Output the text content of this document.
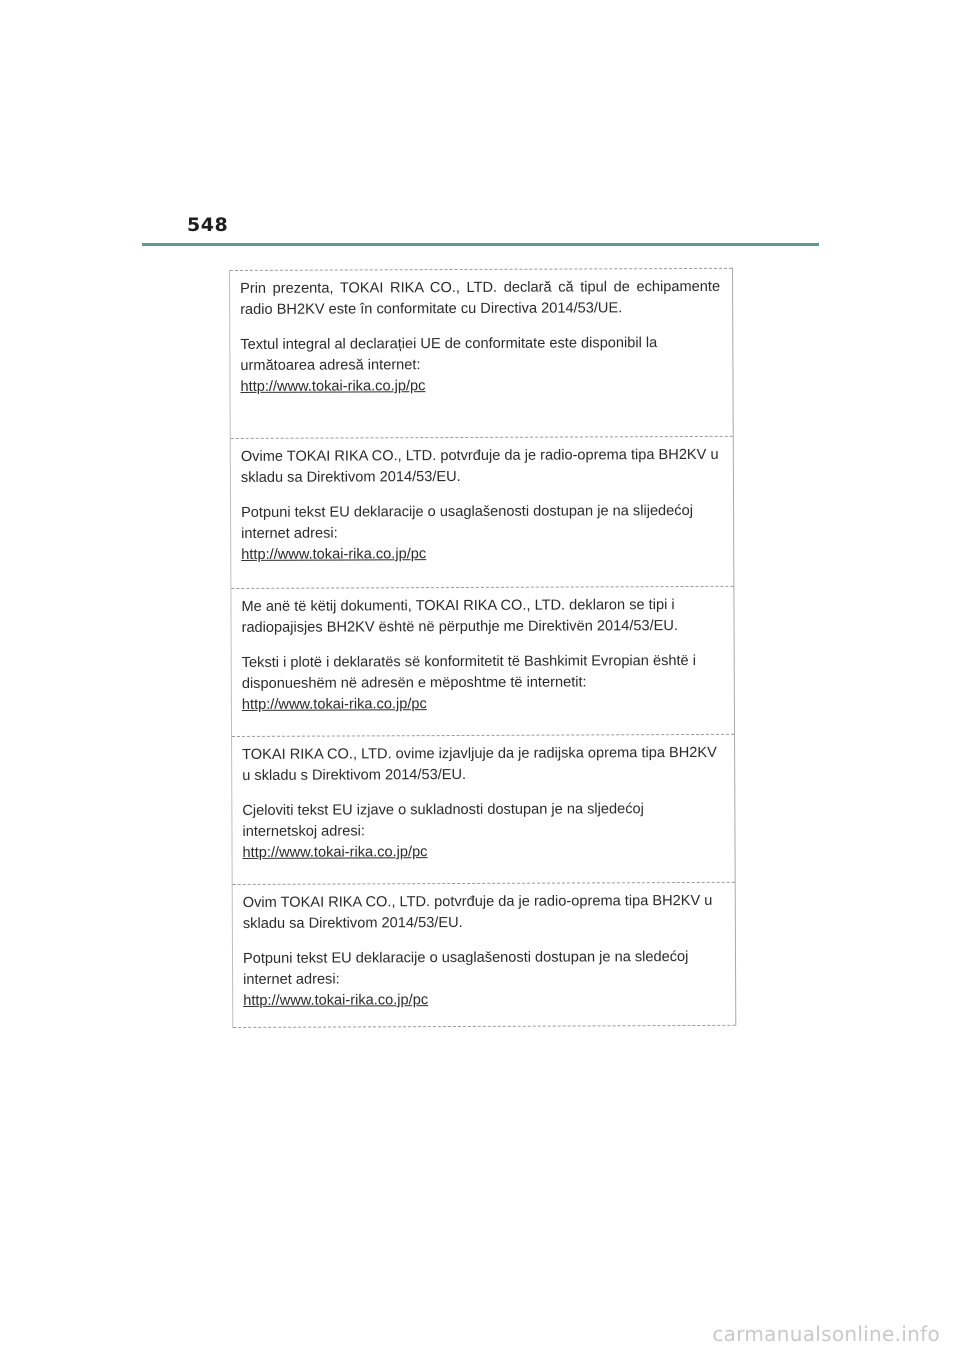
548

Prin prezenta, TOKAI RIKA CO., LTD. declară că tipul de echipamente radio BH2KV este în conformitate cu Directiva 2014/53/UE.

Textul integral al declarației UE de conformitate este disponibil la următoarea adresă internet:

http://www.tokai-rika.co.jp/pc

Ovime TOKAI RIKA CO., LTD. potvrđuje da je radio-oprema tipa BH2KV u skladu sa Direktivom 2014/53/EU.

Potpuni tekst EU deklaracije o usaglašenosti dostupan je na slijedećoj internet adresi:

http://www.tokai-rika.co.jp/pc

Me anë të këtij dokumenti, TOKAI RIKA CO., LTD. deklaron se tipi i radiopajisjes BH2KV është në përputhje me Direktivën 2014/53/EU.

Teksti i plotë i deklaratës së konformitetit të Bashkimit Evropian është i disponueshëm në adresën e mëposhtme të internetit:

http://www.tokai-rika.co.jp/pc

TOKAI RIKA CO., LTD. ovime izjavljuje da je radijska oprema tipa BH2KV u skladu s Direktivom 2014/53/EU.

Cjeloviti tekst EU izjave o sukladnosti dostupan je na sljedećoj internetskoj adresi:

http://www.tokai-rika.co.jp/pc

Ovim TOKAI RIKA CO., LTD. potvrđuje da je radio-oprema tipa BH2KV u skladu sa Direktivom 2014/53/EU.

Potpuni tekst EU deklaracije o usaglašenosti dostupan je na sledećoj internet adresi:

http://www.tokai-rika.co.jp/pc
carmanualsonline.info
